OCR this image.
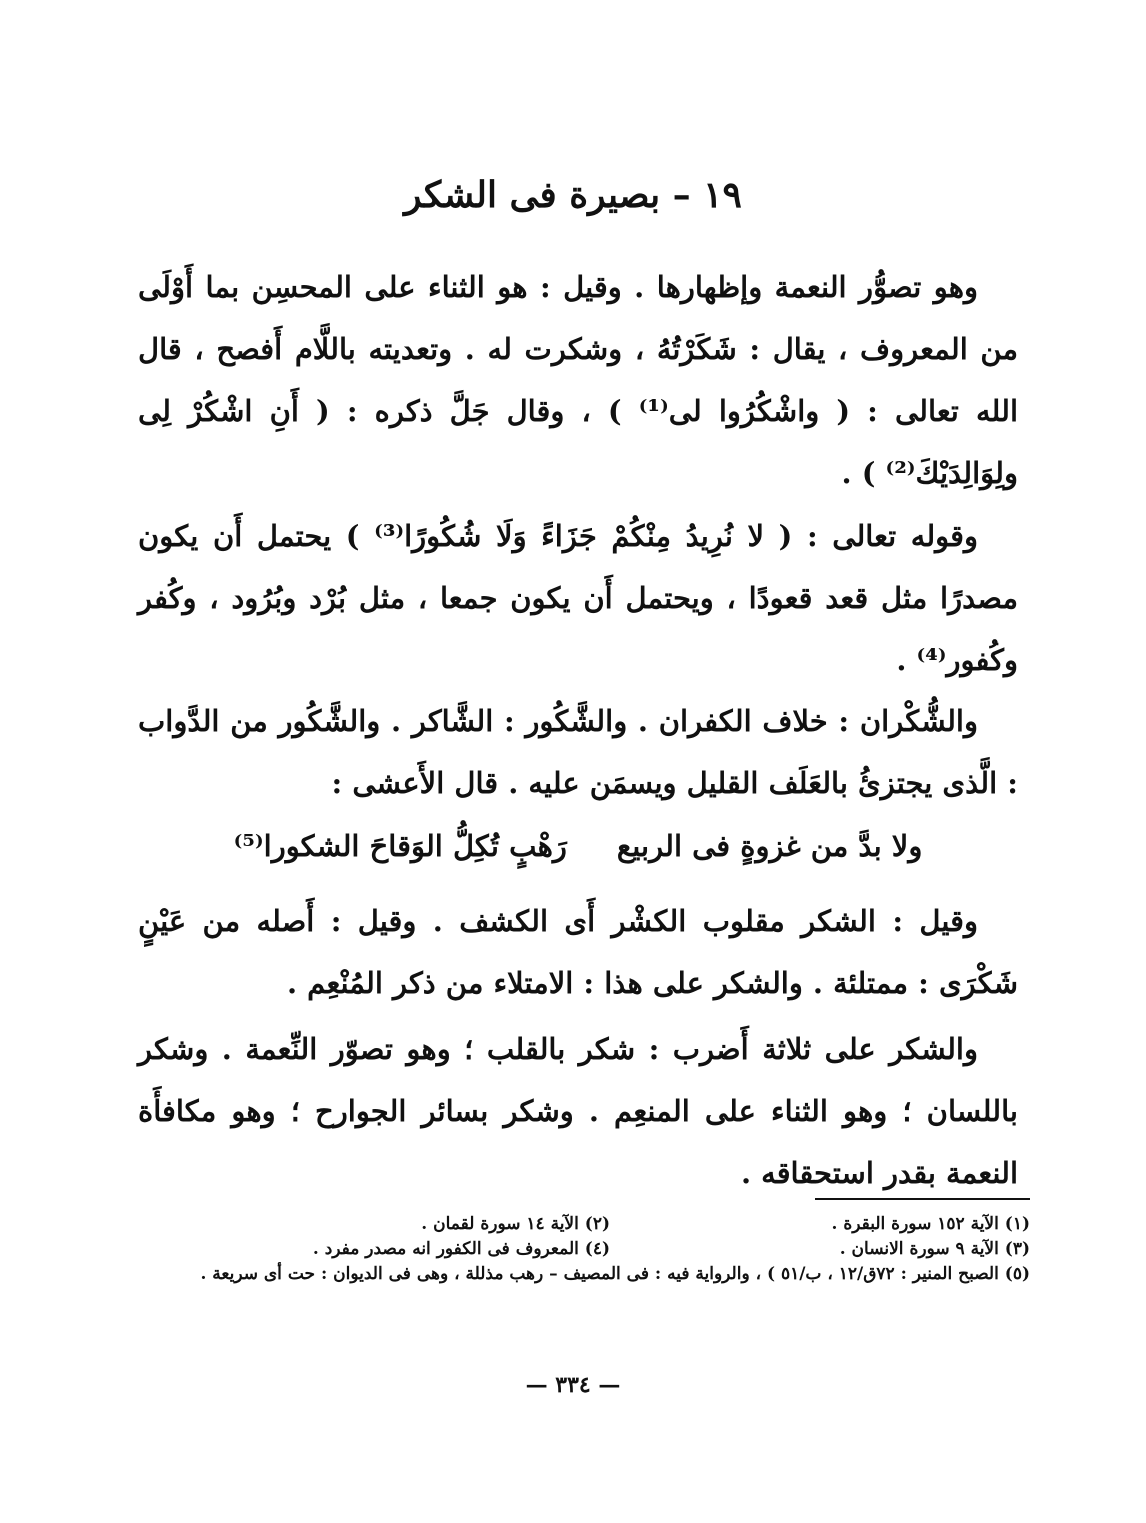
١٩ – بصيرة فى الشكر

وهو تصوُّر النعمة وإظهارها . وقيل : هو الثناء على المحسِن بما أَوْلَى من المعروف ، يقال : شَكَرْتُهُ ، وشكرت له . وتعديته باللَّام أَفصح ، قال الله تعالى : ( واشْكُرُوا لى⁽¹⁾ ) ، وقال جَلَّ ذكره : ( أَنِ اشْكُرْ لِى ولِوَالِدَيْكَ⁽²⁾ ) .

وقوله تعالى : ( لا نُرِيدُ مِنْكُمْ جَزَاءً وَلَا شُكُورًا⁽³⁾ ) يحتمل أَن يكون مصدرًا مثل قعد قعودًا ، ويحتمل أَن يكون جمعا ، مثل بُرْد وبُرُود ، وكُفر وكُفور⁽⁴⁾ .

والشُّكْران : خلاف الكفران . والشَّكُور : الشَّاكر . والشَّكُور من الدَّواب : الَّذى يجتزئُ بالعَلَف القليل ويسمَن عليه . قال الأَعشى :

ولا بدَّ من غزوةٍ فى الربيع
رَهْبٍ تُكِلُّ الوَقاحَ الشكورا⁽⁵⁾

وقيل : الشكر مقلوب الكشْر أَى الكشف . وقيل : أَصله من عَيْنٍ شَكْرَى : ممتلئة . والشكر على هذا : الامتلاء من ذكر المُنْعِم .

والشكر على ثلاثة أَضرب : شكر بالقلب ؛ وهو تصوّر النِّعمة . وشكر باللسان ؛ وهو الثناء على المنعِم . وشكر بسائر الجوارح ؛ وهو مكافأَة النعمة بقدر استحقاقه .

(١) الآية ١٥٢ سورة البقرة .
(٢) الآية ١٤ سورة لقمان .
(٣) الآية ٩ سورة الانسان .
(٤) المعروف فى الكفور انه مصدر مفرد .
(٥) الصبح المنير : ٧٢ق/١٢ ، ب/٥١ ) ، والرواية فيه : فى المصيف – رهب مذللة ، وهى فى الديوان : حت أى سريعة .
— ٣٣٤ —
